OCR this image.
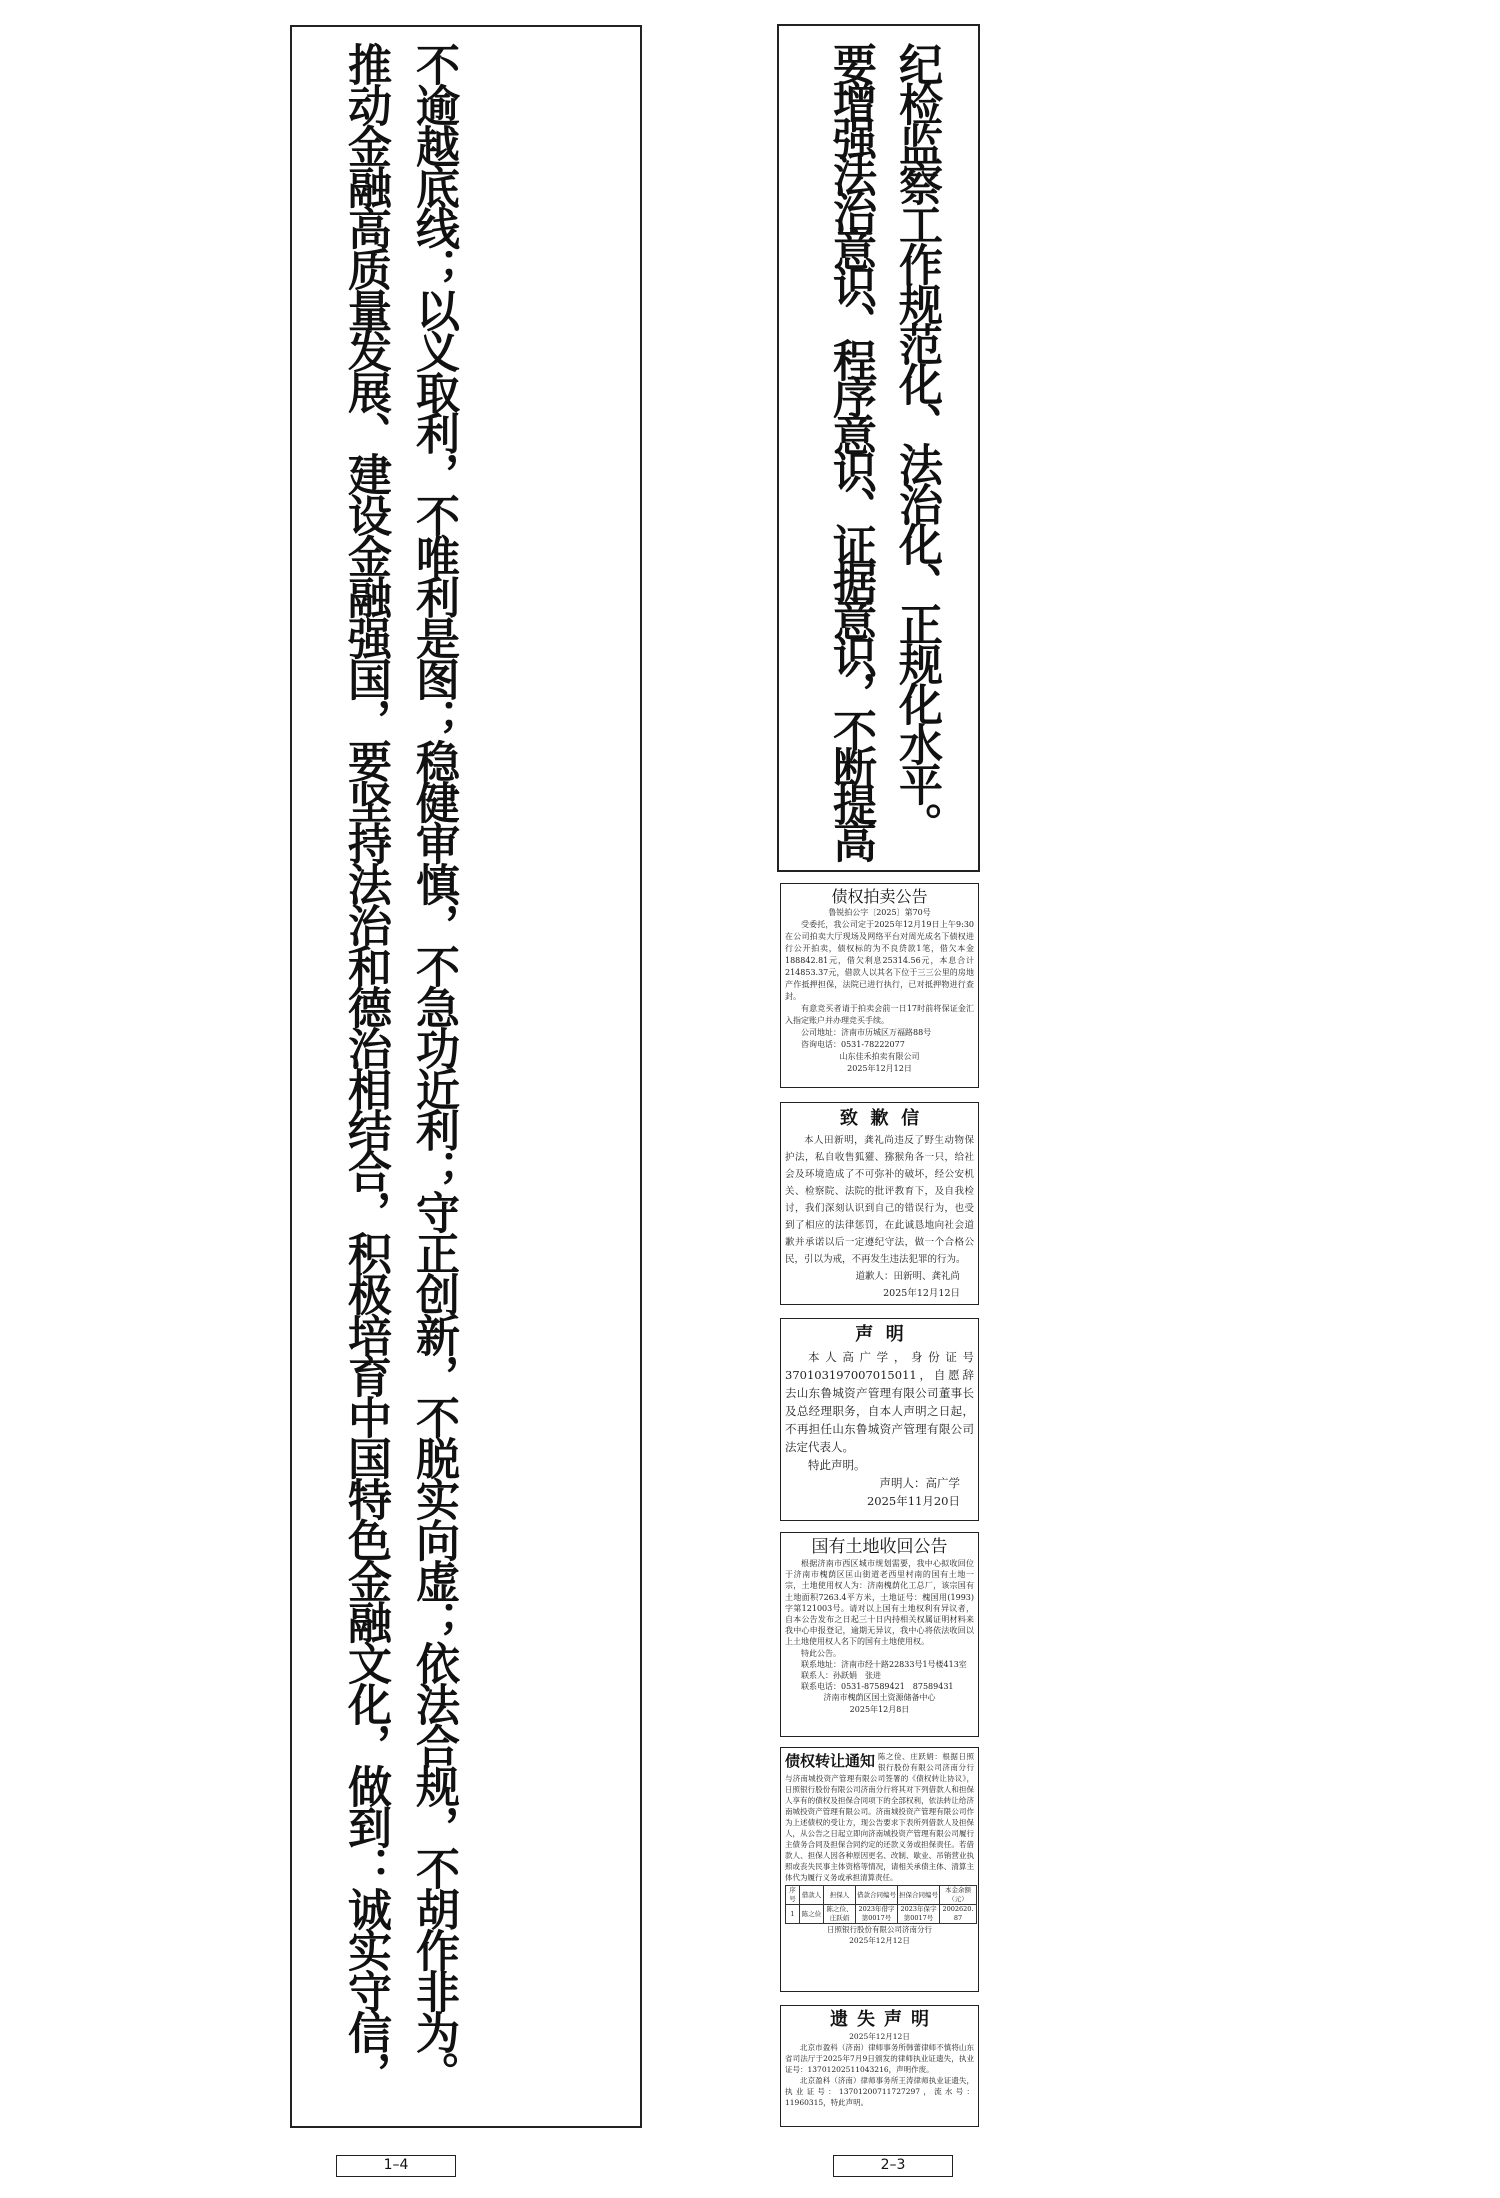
推动金融高质量发展、建设金融强国，要坚持法治和德治相结合，积极培育中国特色金融文化，做到：诚实守信， 不逾越底线；以义取利，不唯利是图；稳健审慎，不急功近利；守正创新，不脱实向虚；依法合规，不胡作非为。	要增强法治意识、程序意识、证据意识，不断提高 纪检监察工作规范化、法治化、正规化水平。

债权拍卖公告

鲁锐拍公字〔2025〕第70号

受委托，我公司定于2025年12月19日上午9:30在公司拍卖大厅现场及网络平台对周光成名下债权进行公开拍卖，债权标的为不良贷款1笔，借欠本金188842.81元，借欠利息25314.56元，本息合计214853.37元，借款人以其名下位于三三公里的房地产作抵押担保，法院已进行执行，已对抵押物进行查封。

有意竞买者请于拍卖会前一日17时前将保证金汇入指定账户并办理竞买手续。

公司地址：济南市历城区万福路88号

咨询电话：0531-78222077

山东佳禾拍卖有限公司

2025年12月12日

致歉信

本人田新明，龚礼尚违反了野生动物保护法，私自收售狐獾、猕猴角各一只，给社会及环境造成了不可弥补的破坏，经公安机关、检察院、法院的批评教育下，及自我检讨，我们深刻认识到自己的错误行为，也受到了相应的法律惩罚，在此诚恳地向社会道歉并承诺以后一定遵纪守法，做一个合格公民，引以为戒，不再发生违法犯罪的行为。

道歉人：田新明、龚礼尚

2025年12月12日

声明

本人高广学，身份证号370103197007015011，自愿辞去山东鲁城资产管理有限公司董事长及总经理职务，自本人声明之日起，不再担任山东鲁城资产管理有限公司法定代表人。

特此声明。

声明人：高广学

2025年11月20日

国有土地收回公告

根据济南市西区城市规划需要，我中心拟收回位于济南市槐荫区匡山街道老西里村南的国有土地一宗，土地使用权人为：济南槐荫化工总厂，该宗国有土地面积7263.4平方米，土地证号：槐国用(1993)字第121003号。请对以上国有土地权利有异议者，自本公告发布之日起三十日内持相关权属证明材料来我中心申报登记，逾期无异议，我中心将依法收回以上土地使用权人名下的国有土地使用权。

特此公告。

联系地址：济南市经十路22833号1号楼413室

联系人：孙跃娟　张进

联系电话：0531-87589421　87589431

济南市槐荫区国土资源储备中心

2025年12月8日

债权转让通知 陈之俭、庄跃娟：根据日照银行股份有限公司济南分行与济南城投资产管理有限公司签署的《债权转让协议》，日照银行股份有限公司济南分行将其对下列借款人和担保人享有的债权及担保合同项下的全部权利，依法转让给济南城投资产管理有限公司。济南城投资产管理有限公司作为上述债权的受让方，现公告要求下表所列借款人及担保人，从公告之日起立即向济南城投资产管理有限公司履行主债务合同及担保合同约定的还款义务或担保责任。若借款人、担保人因各种原因更名、改制、歇业、吊销营业执照或丧失民事主体资格等情况，请相关承债主体、清算主体代为履行义务或承担清算责任。

序号	借款人	担保人	借款合同编号	担保合同编号	本金余额（元）
1	陈之俭	陈之俭、庄跃娟	2023年借字第0017号	2023年保字第0017号	2002620.87

日照银行股份有限公司济南分行

2025年12月12日

遗失声明

2025年12月12日

北京市盈科（济南）律师事务所韩蕾律师不慎将山东省司法厅于2025年7月9日颁发的律师执业证遗失，执业证号：13701202511043216，声明作废。

北京盈科（济南）律师事务所王涛律师执业证遗失，执业证号：13701200711727297，流水号：11960315，特此声明。

1–4	2–3
